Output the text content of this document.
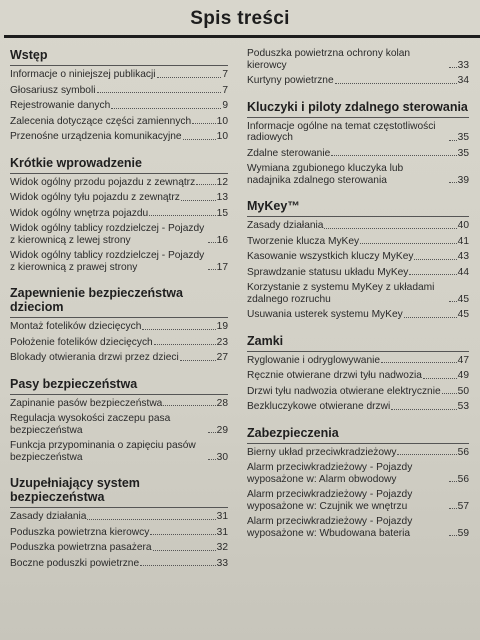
Spis treści
Wstęp
Informacje o niniejszej publikacji	7
Głosariusz symboli	7
Rejestrowanie danych	9
Zalecenia dotyczące części zamiennych 10
Przenośne urządzenia komunikacyjne	10
Krótkie wprowadzenie
Widok ogólny przodu pojazdu z zewnątrz 12
Widok ogólny tyłu pojazdu z zewnątrz	13
Widok ogólny wnętrza pojazdu	15
Widok ogólny tablicy rozdzielczej - Pojazdy z kierownicą z lewej strony	16
Widok ogólny tablicy rozdzielczej - Pojazdy z kierownicą z prawej strony	17
Zapewnienie bezpieczeństwa dzieciom
Montaż fotelików dziecięcych	19
Położenie fotelików dziecięcych	23
Blokady otwierania drzwi przez dzieci	27
Pasy bezpieczeństwa
Zapinanie pasów bezpieczeństwa	28
Regulacja wysokości zaczepu pasa bezpieczeństwa	29
Funkcja przypominania o zapięciu pasów bezpieczeństwa	30
Uzupełniający system bezpieczeństwa
Zasady działania	31
Poduszka powietrzna kierowcy	31
Poduszka powietrzna pasażera	32
Boczne poduszki powietrzne	33
Poduszka powietrzna ochrony kolan kierowcy	33
Kurtyny powietrzne	34
Kluczyki i piloty zdalnego sterowania
Informacje ogólne na temat częstotliwości radiowych	35
Zdalne sterowanie	35
Wymiana zgubionego kluczyka lub nadajnika zdalnego sterowania	39
MyKey™
Zasady działania	40
Tworzenie klucza MyKey	41
Kasowanie wszystkich kluczy MyKey	43
Sprawdzanie statusu układu MyKey	44
Korzystanie z systemu MyKey z układami zdalnego rozruchu	45
Usuwania usterek systemu MyKey	45
Zamki
Ryglowanie i odryglowywanie	47
Ręcznie otwierane drzwi tyłu nadwozia	49
Drzwi tyłu nadwozia otwierane elektrycznie 50
Bezkluczykowe otwierane drzwi	53
Zabezpieczenia
Bierny układ przeciwkradzieżowy	56
Alarm przeciwkradzieżowy - Pojazdy wyposażone w: Alarm obwodowy	56
Alarm przeciwkradzieżowy - Pojazdy wyposażone w: Czujnik we wnętrzu	57
Alarm przeciwkradzieżowy - Pojazdy wyposażone w: Wbudowana bateria	59
